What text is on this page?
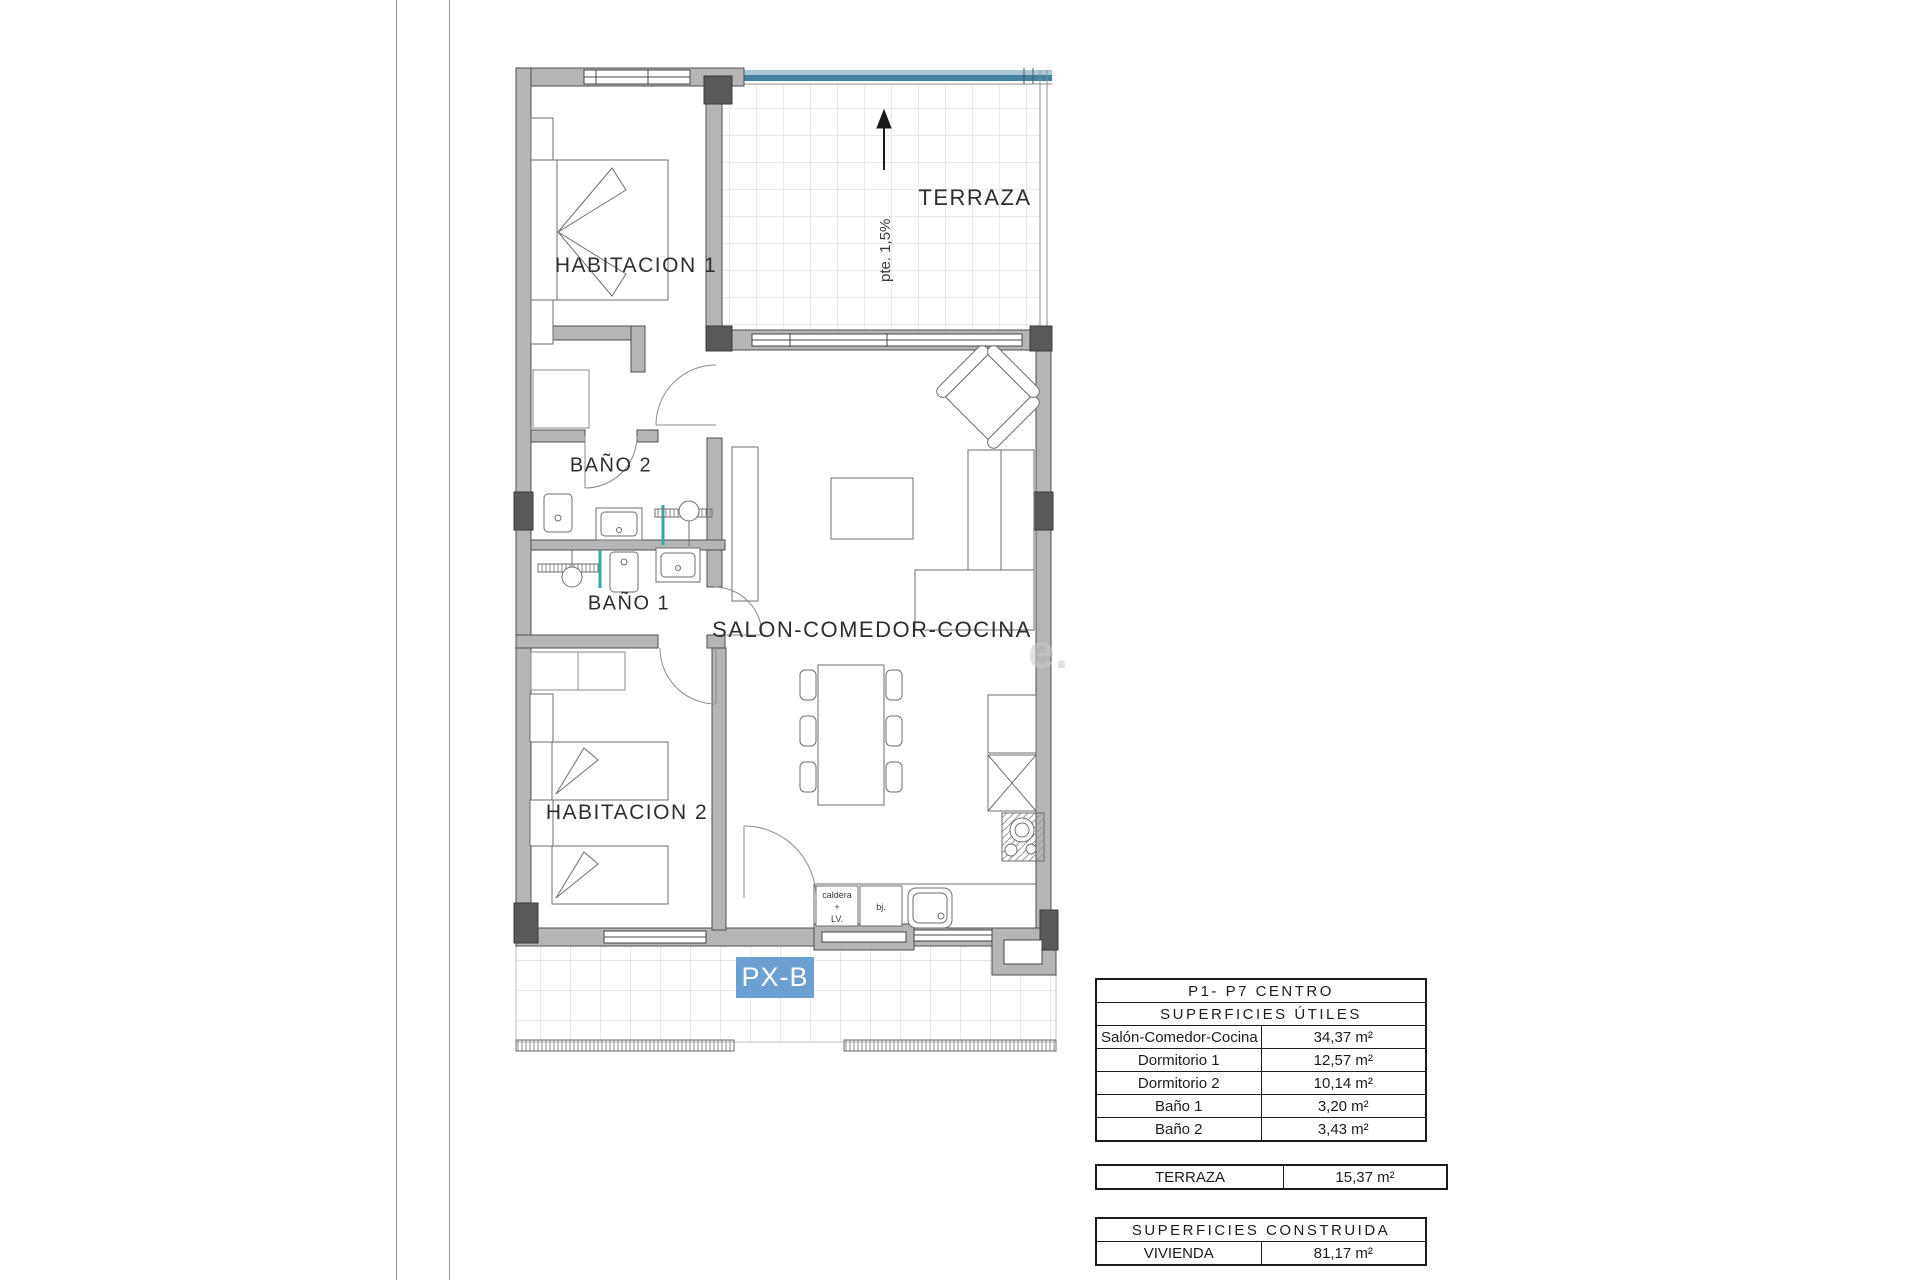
pte. 1,5%
caldera
+
LV.
bj.
e.
HABITACION 1
TERRAZA
BAÑO 2
BAÑO 1
HABITACION 2
SALON-COMEDOR-COCINA
PX-B	P1- P7 CENTRO	
SUPERFICIES ÚTILES	
Salón-Comedor-Cocina	34,37 m²
Dormitorio 1	12,57 m²
Dormitorio 2	10,14 m²
Baño 1	3,20 m²
Baño 2	3,43 m²
TERRAZA	15,37 m²
SUPERFICIES CONSTRUIDA
VIVIENDA	81,17 m²
